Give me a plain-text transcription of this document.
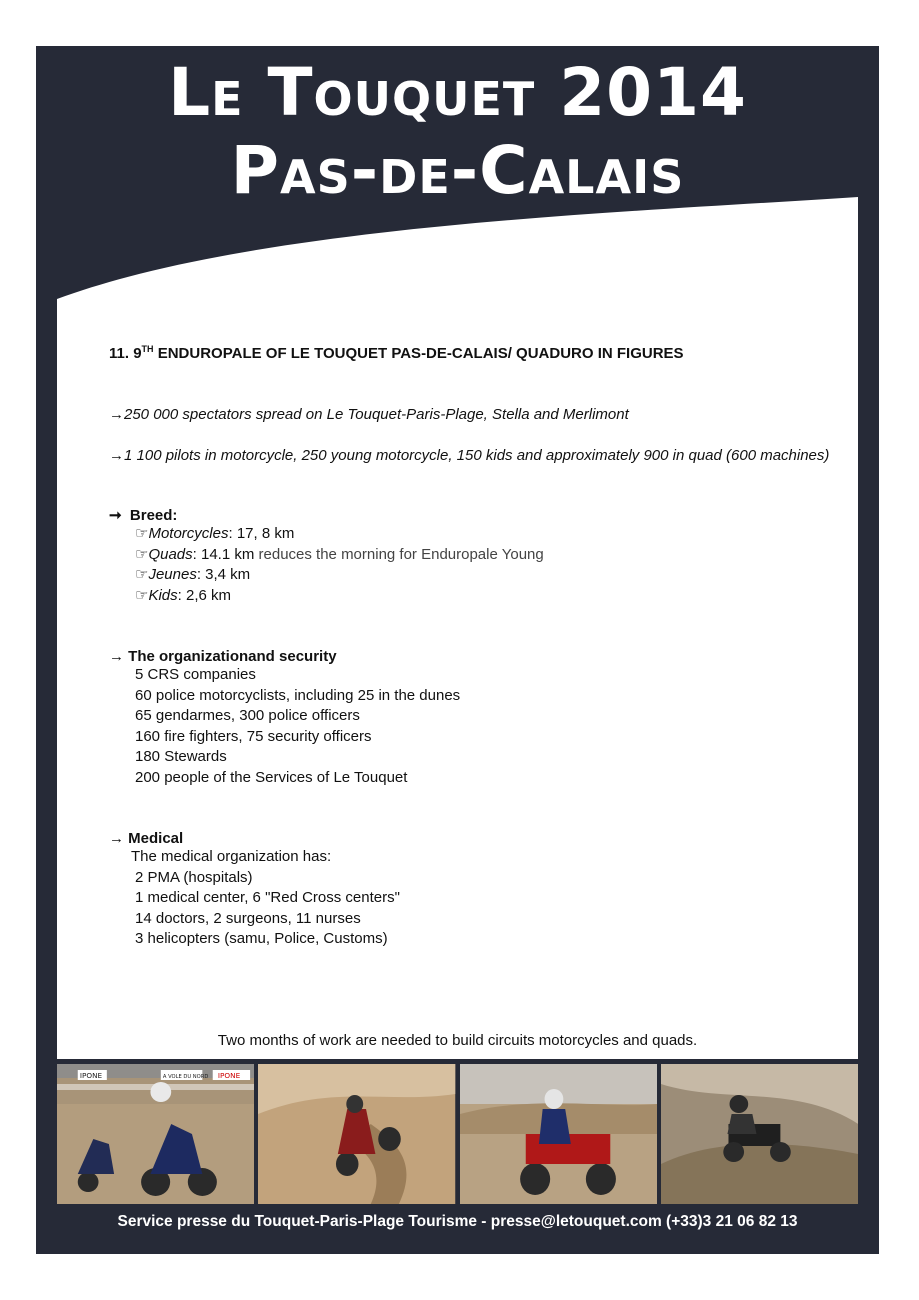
Le Touquet 2014
Pas-de-Calais
11. 9TH ENDUROPALE OF LE TOUQUET PAS-DE-CALAIS/ QUADURO IN FIGURES
→250 000 spectators spread on Le Touquet-Paris-Plage, Stella and Merlimont
→1 100 pilots in motorcycle, 250 young motorcycle, 150 kids and approximately 900 in quad (600 machines)
➞  Breed:
☞Motorcycles: 17, 8 km
☞Quads: 14.1 km reduces the morning for Enduropale Young
☞Jeunes: 3,4 km
☞Kids: 2,6 km
→ The organizationand security
5 CRS companies
60 police motorcyclists, including 25 in the dunes
65 gendarmes, 300 police officers
160 fire fighters, 75 security officers
180 Stewards
200 people of the Services of Le Touquet
→ Medical
The medical organization has:
2 PMA (hospitals)
1 medical center, 6 "Red Cross centers"
14 doctors, 2 surgeons, 11 nurses
3 helicopters (samu, Police, Customs)
Two months of work are needed to build circuits motorcycles and quads.
IPONE	A VOLE DU NORD IPONE
Service presse du Touquet-Paris-Plage Tourisme - presse@letouquet.com (+33)3 21 06 82 13
